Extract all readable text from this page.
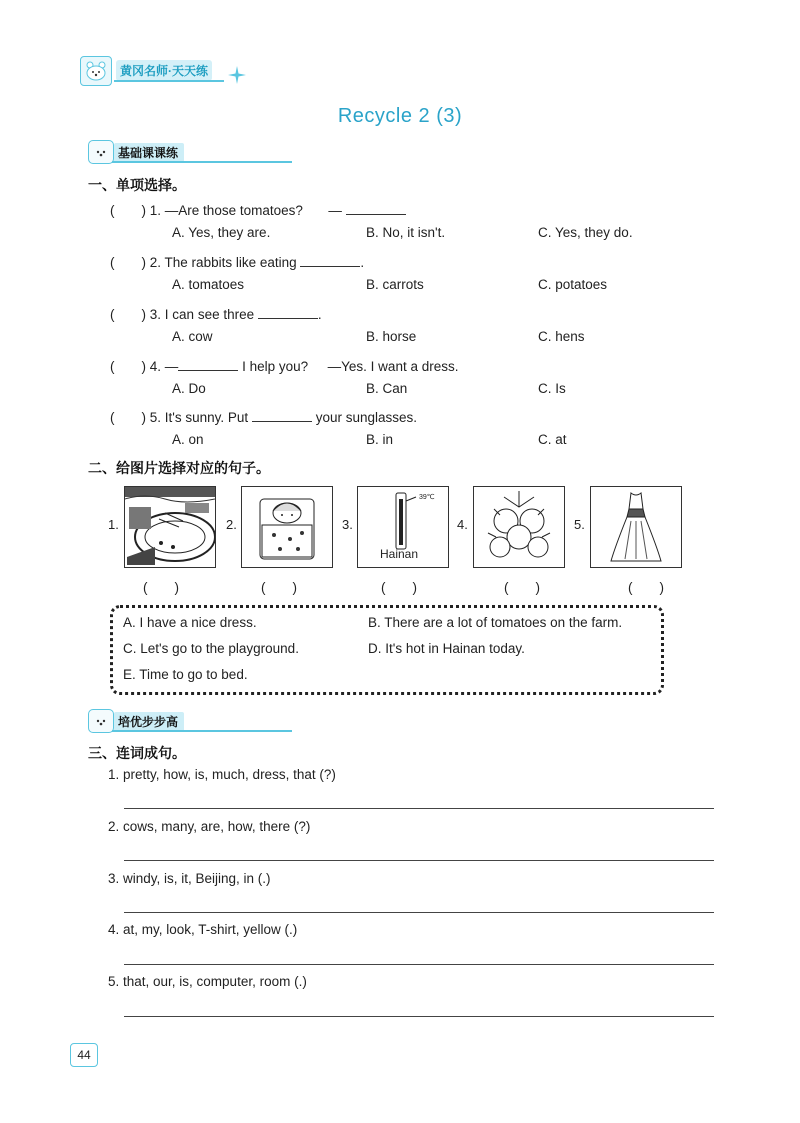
黄冈名师·天天练
Recycle 2 (3)
基础课课练
一、单项选择。
(　　) 1. —Are those tomatoes? —
A. Yes, they are.	B. No, it isn't.	C. Yes, they do.
(　　) 2. The rabbits like eating	.
A. tomatoes	B. carrots	C. potatoes
(　　) 3. I can see three	.
A. cow	B. horse	C. hens
(　　) 4. —	I help you? —Yes. I want a dress.
A. Do	B. Can	C. Is
(　　) 5. It's sunny. Put	your sunglasses.
A. on	B. in	C. at
二、给图片选择对应的句子。
1.
(　　)
2.
(　　)
3.
39℃
Hainan
(　　)
4.
(　　)
5.
(　　)
A. I have a nice dress.	B. There are a lot of tomatoes on the farm.
C. Let's go to the playground.	D. It's hot in Hainan today.
E. Time to go to bed.
培优步步高
三、连词成句。
1. pretty, how, is, much, dress, that (?)
2. cows, many, are, how, there (?)
3. windy, is, it, Beijing, in (.)
4. at, my, look, T-shirt, yellow (.)
5. that, our, is, computer, room (.)
44
